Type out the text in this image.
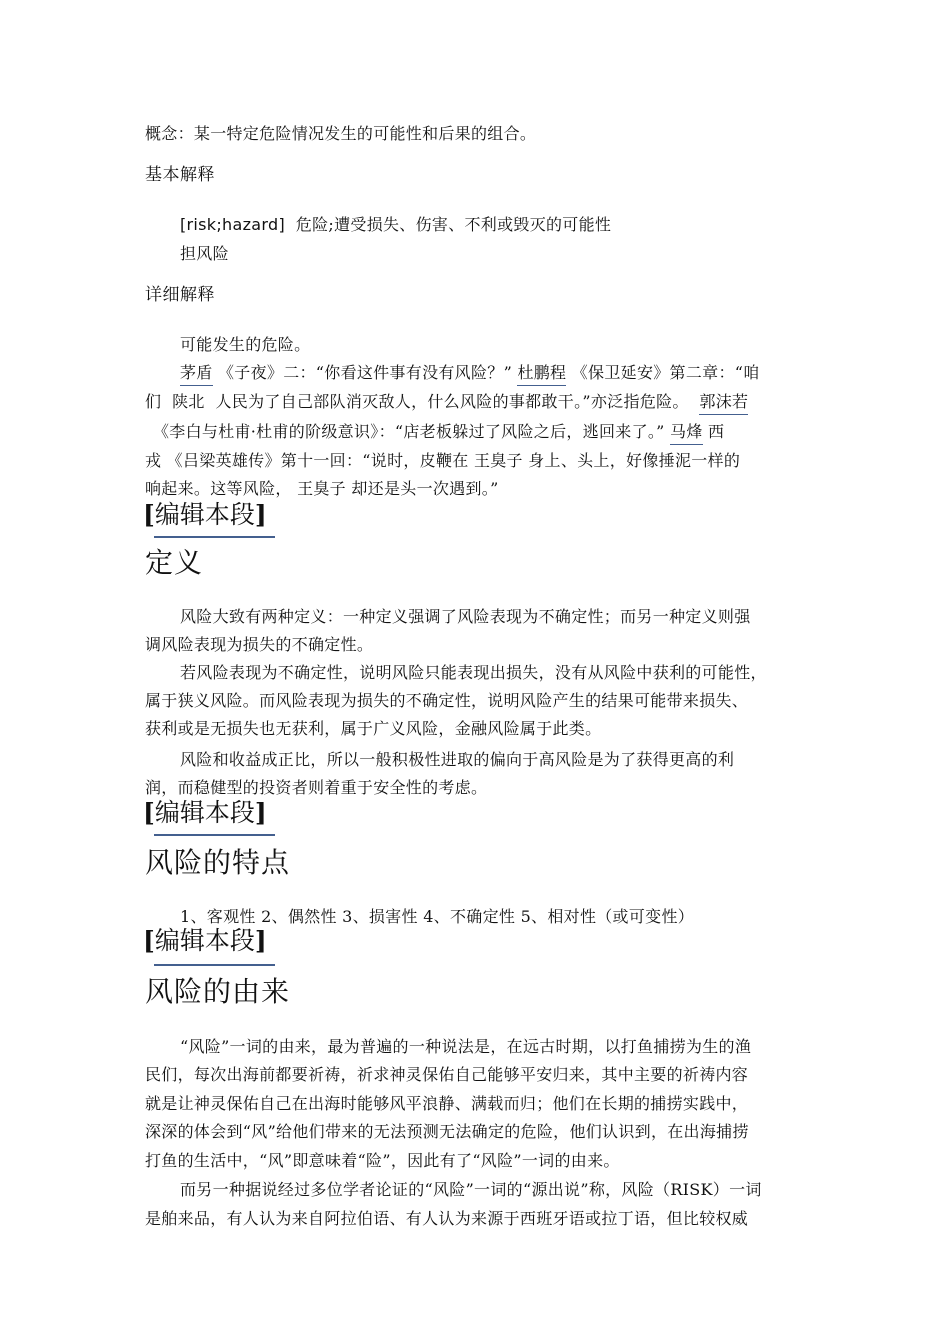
概念：某一特定危险情况发生的可能性和后果的组合。
基本解释
[risk;hazard] 危险;遭受损失、伤害、不利或毁灭的可能性
担风险
详细解释
可能发生的危险。
茅盾 《子夜》二：“你看这件事有没有风险？” 杜鹏程 《保卫延安》第二章：“咱
们 陕北 人民为了自己部队消灭敌人，什么风险的事都敢干。”亦泛指危险。 郭沫若
《李白与杜甫·杜甫的阶级意识》：“店老板躲过了风险之后，逃回来了。” 马烽 西
戎 《吕梁英雄传》第十一回：“说时，皮鞭在 王臭子 身上、头上，好像捶泥一样的
响起来。这等风险， 王臭子 却还是头一次遇到。”
[编辑本段]
定义
风险大致有两种定义：一种定义强调了风险表现为不确定性；而另一种定义则强
调风险表现为损失的不确定性。
若风险表现为不确定性，说明风险只能表现出损失，没有从风险中获利的可能性，
属于狭义风险。而风险表现为损失的不确定性，说明风险产生的结果可能带来损失、
获利或是无损失也无获利，属于广义风险，金融风险属于此类。
风险和收益成正比，所以一般积极性进取的偏向于高风险是为了获得更高的利
润，而稳健型的投资者则着重于安全性的考虑。
[编辑本段]
风险的特点
1、客观性 2、偶然性 3、损害性 4、不确定性 5、相对性（或可变性）
[编辑本段]
风险的由来
“风险”一词的由来，最为普遍的一种说法是，在远古时期，以打鱼捕捞为生的渔
民们，每次出海前都要祈祷，祈求神灵保佑自己能够平安归来，其中主要的祈祷内容
就是让神灵保佑自己在出海时能够风平浪静、满载而归；他们在长期的捕捞实践中，
深深的体会到“风”给他们带来的无法预测无法确定的危险，他们认识到，在出海捕捞
打鱼的生活中，“风”即意味着“险”，因此有了“风险”一词的由来。
而另一种据说经过多位学者论证的“风险”一词的“源出说”称，风险（RISK）一词
是舶来品，有人认为来自阿拉伯语、有人认为来源于西班牙语或拉丁语，但比较权威
